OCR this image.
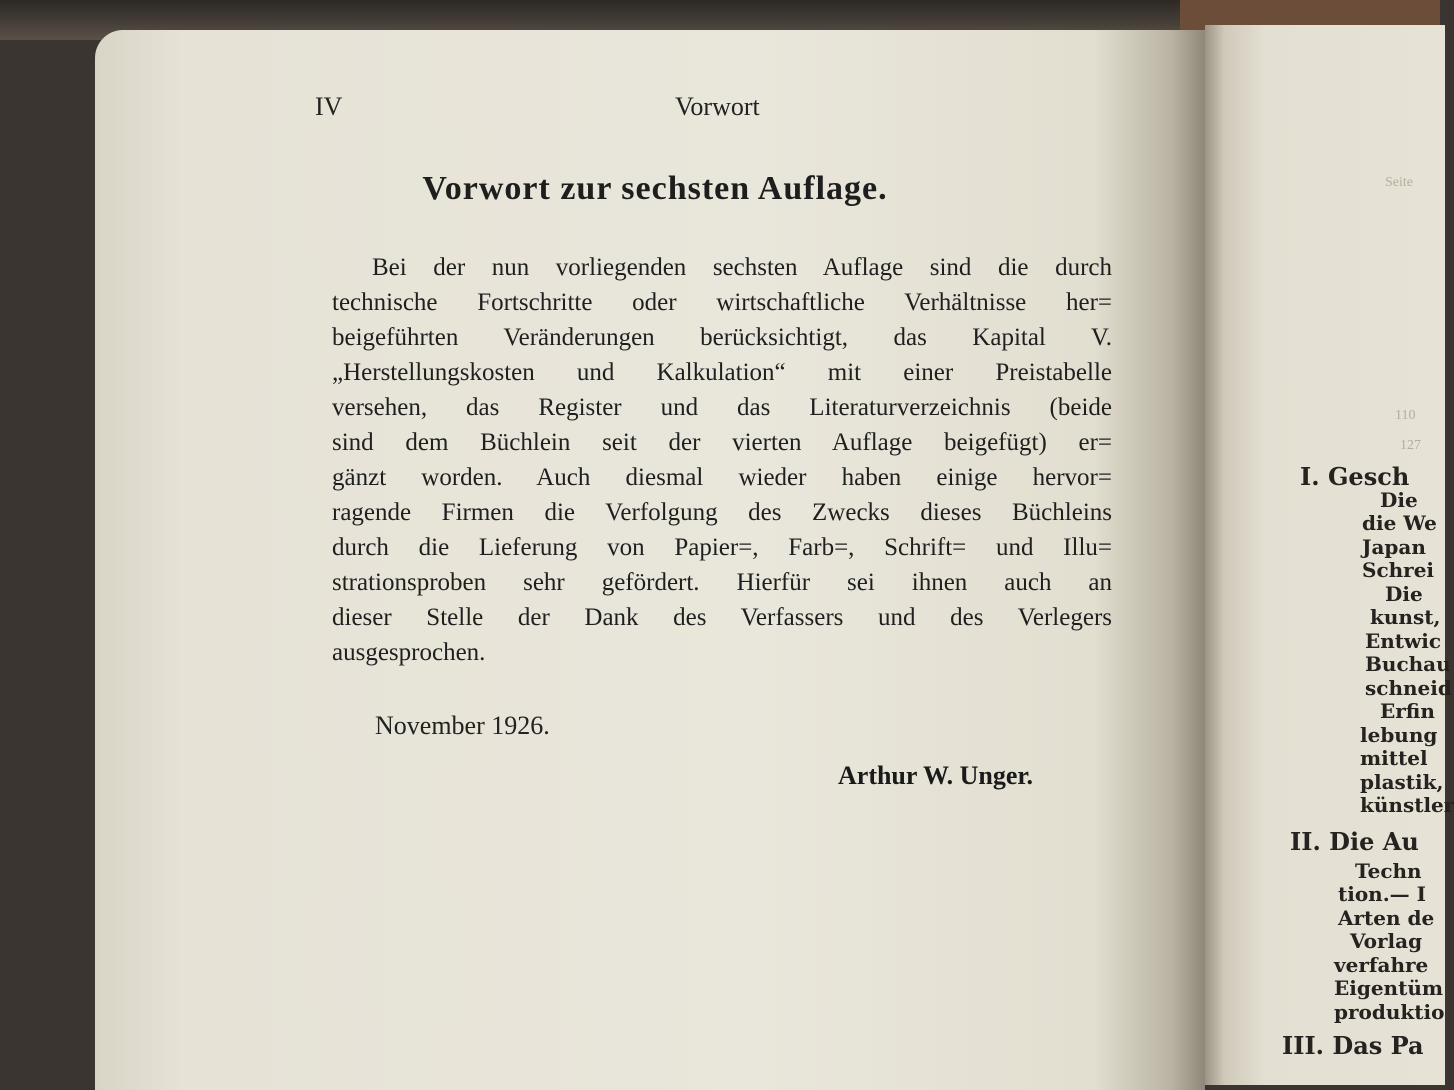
IV	Vorwort
Vorwort zur sechsten Auflage.
Bei der nun vorliegenden sechsten Auflage sind die durch
technische Fortschritte oder wirtschaftliche Verhältnisse her=
beigeführten Veränderungen berücksichtigt, das Kapital V.
„Herstellungskosten und Kalkulation“ mit einer Preistabelle
versehen, das Register und das Literaturverzeichnis (beide
sind dem Büchlein seit der vierten Auflage beigefügt) er=
gänzt worden. Auch diesmal wieder haben einige hervor=
ragende Firmen die Verfolgung des Zwecks dieses Büchleins
durch die Lieferung von Papier=, Farb=, Schrift= und Illu=
strationsproben sehr gefördert. Hierfür sei ihnen auch an
dieser Stelle der Dank des Verfassers und des Verlegers
ausgesprochen.
November 1926.
Arthur W. Unger.
Seite
110
127
I. Gesch
Die
die We
Japan
Schrei
Die
kunst,
Entwic
Buchau
schneid
Erfin
lebung
mittel
plastik,
künstler
II. Die Au
Techn
tion.— I
Arten de
Vorlag
verfahre
Eigentüm
produktio
III. Das Pa
